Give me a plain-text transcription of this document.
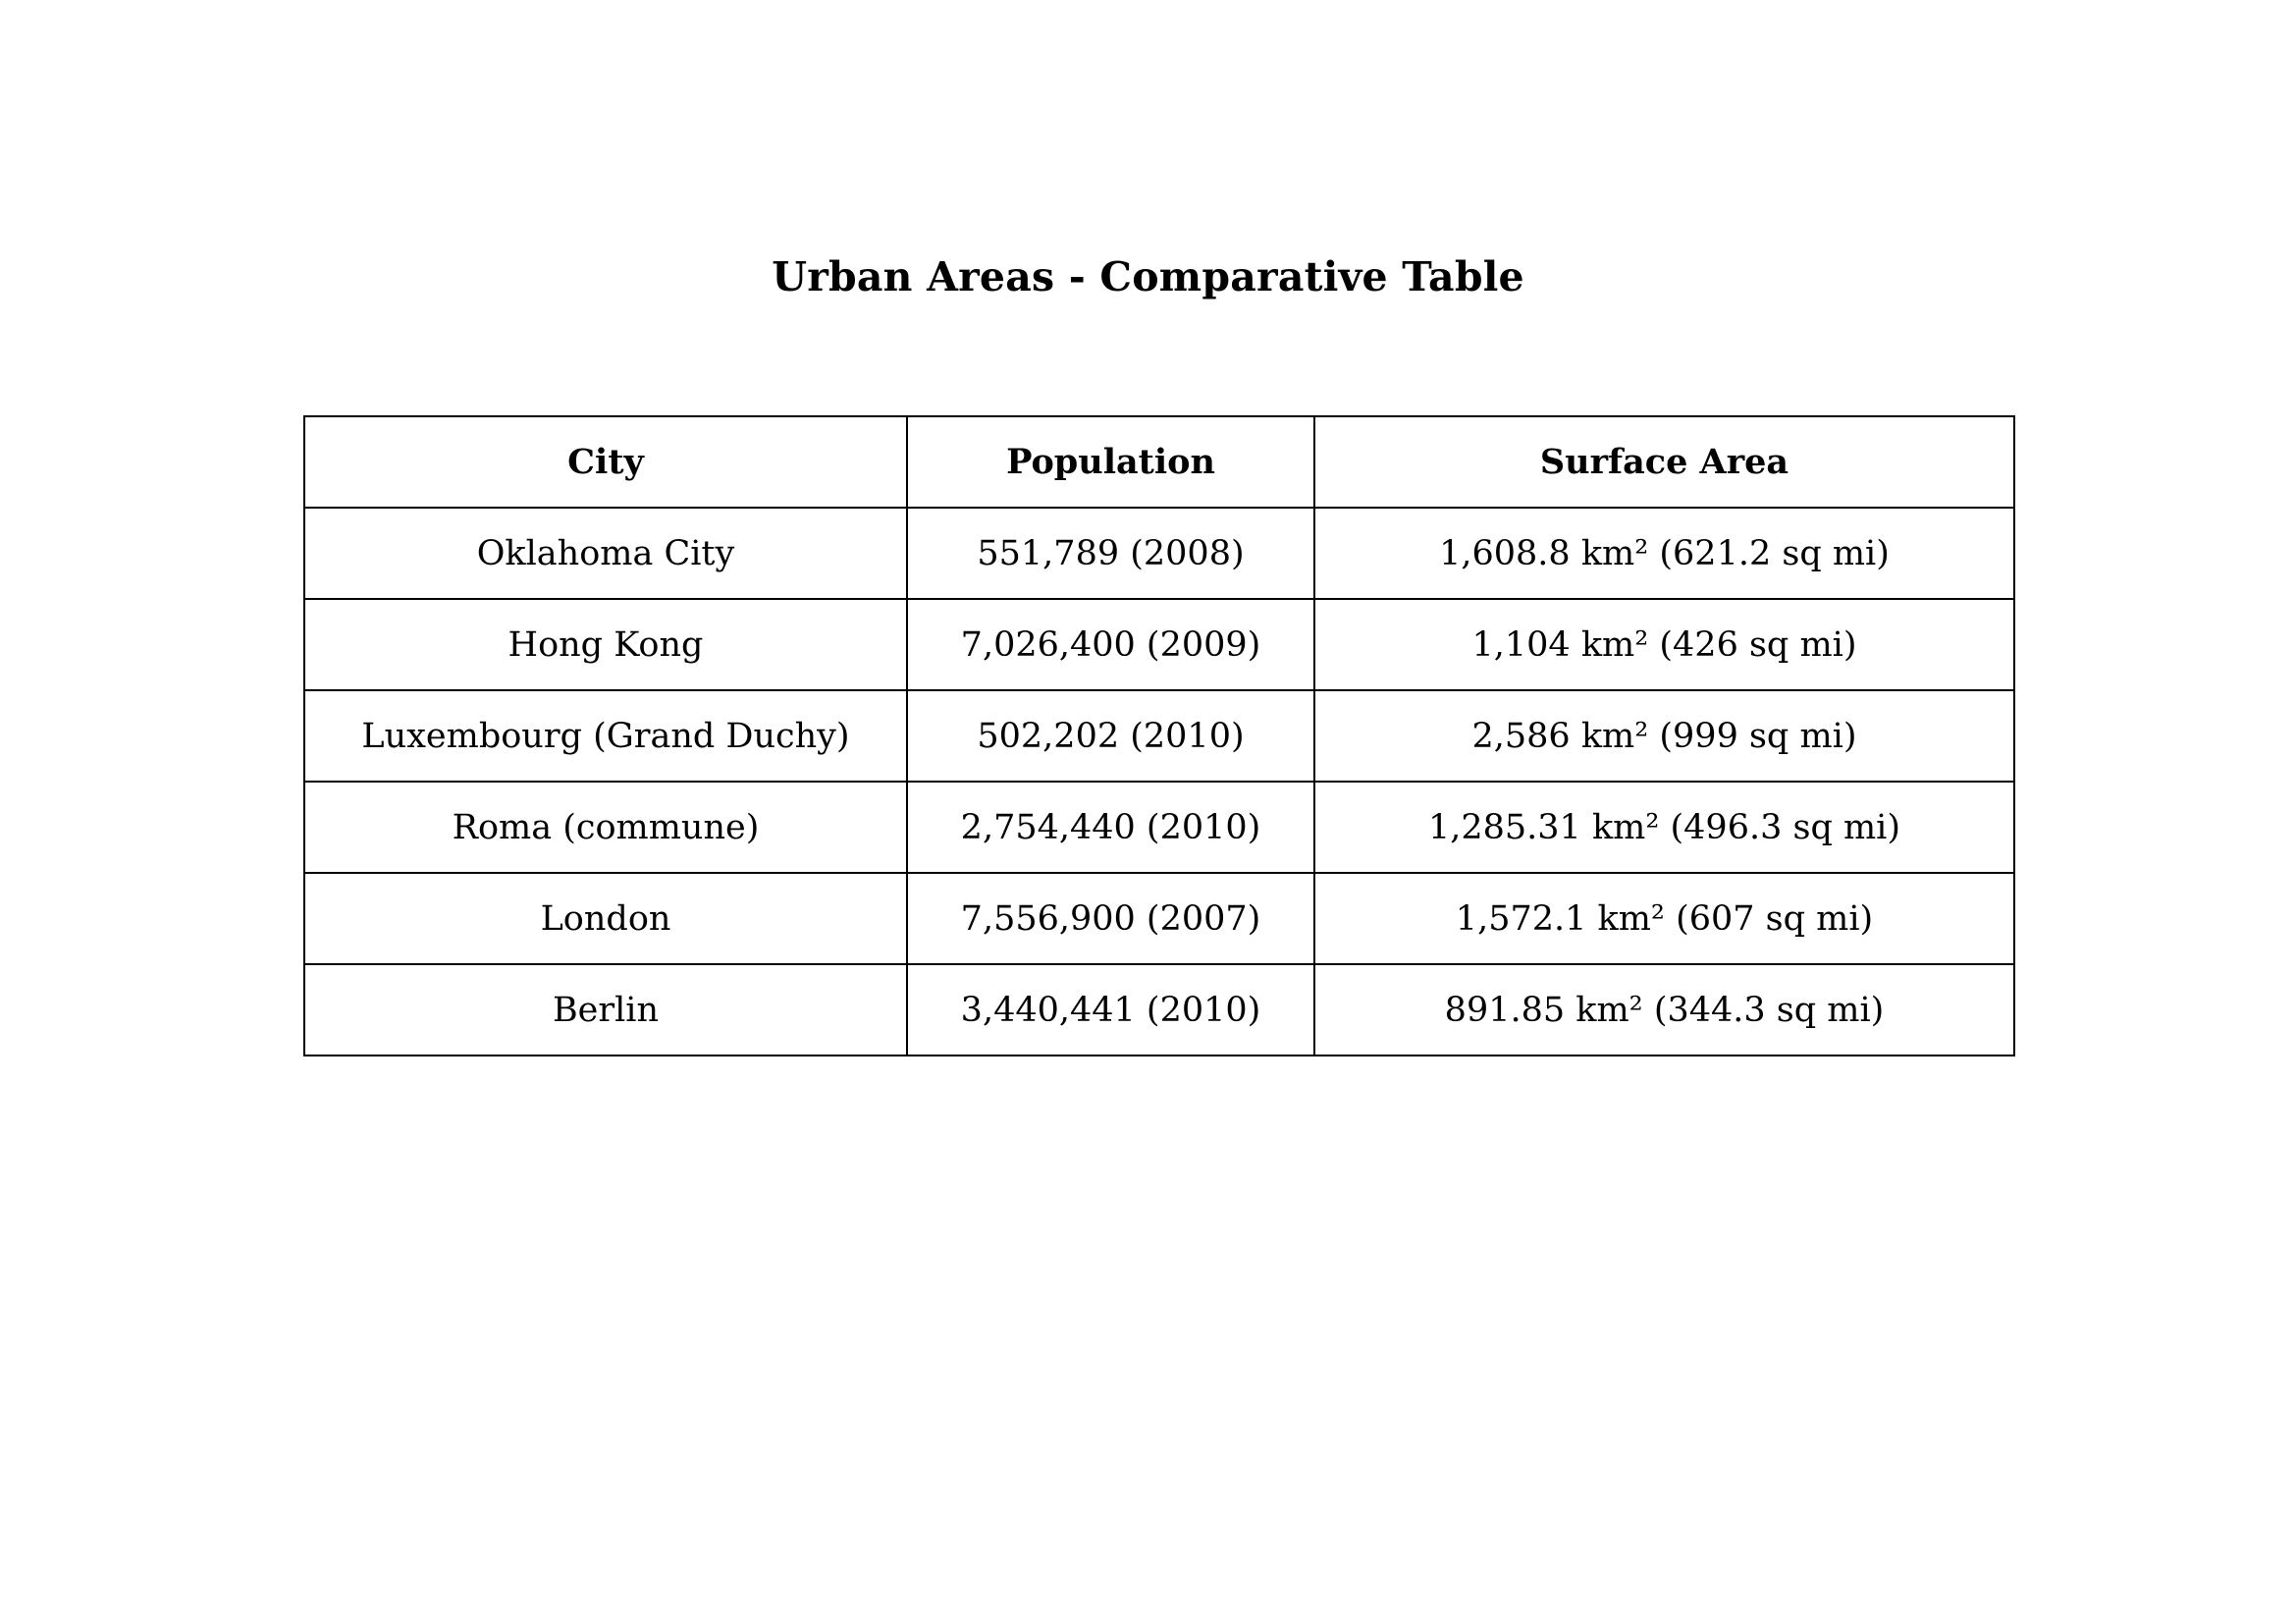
Urban Areas - Comparative Table
City	Population	Surface Area
Oklahoma City	551,789 (2008)	1,608.8 km² (621.2 sq mi)
Hong Kong	7,026,400 (2009)	1,104 km² (426 sq mi)
Luxembourg (Grand Duchy)	502,202 (2010)	2,586 km² (999 sq mi)
Roma (commune)	2,754,440 (2010)	1,285.31 km² (496.3 sq mi)
London	7,556,900 (2007)	1,572.1 km² (607 sq mi)
Berlin	3,440,441 (2010)	891.85 km² (344.3 sq mi)
